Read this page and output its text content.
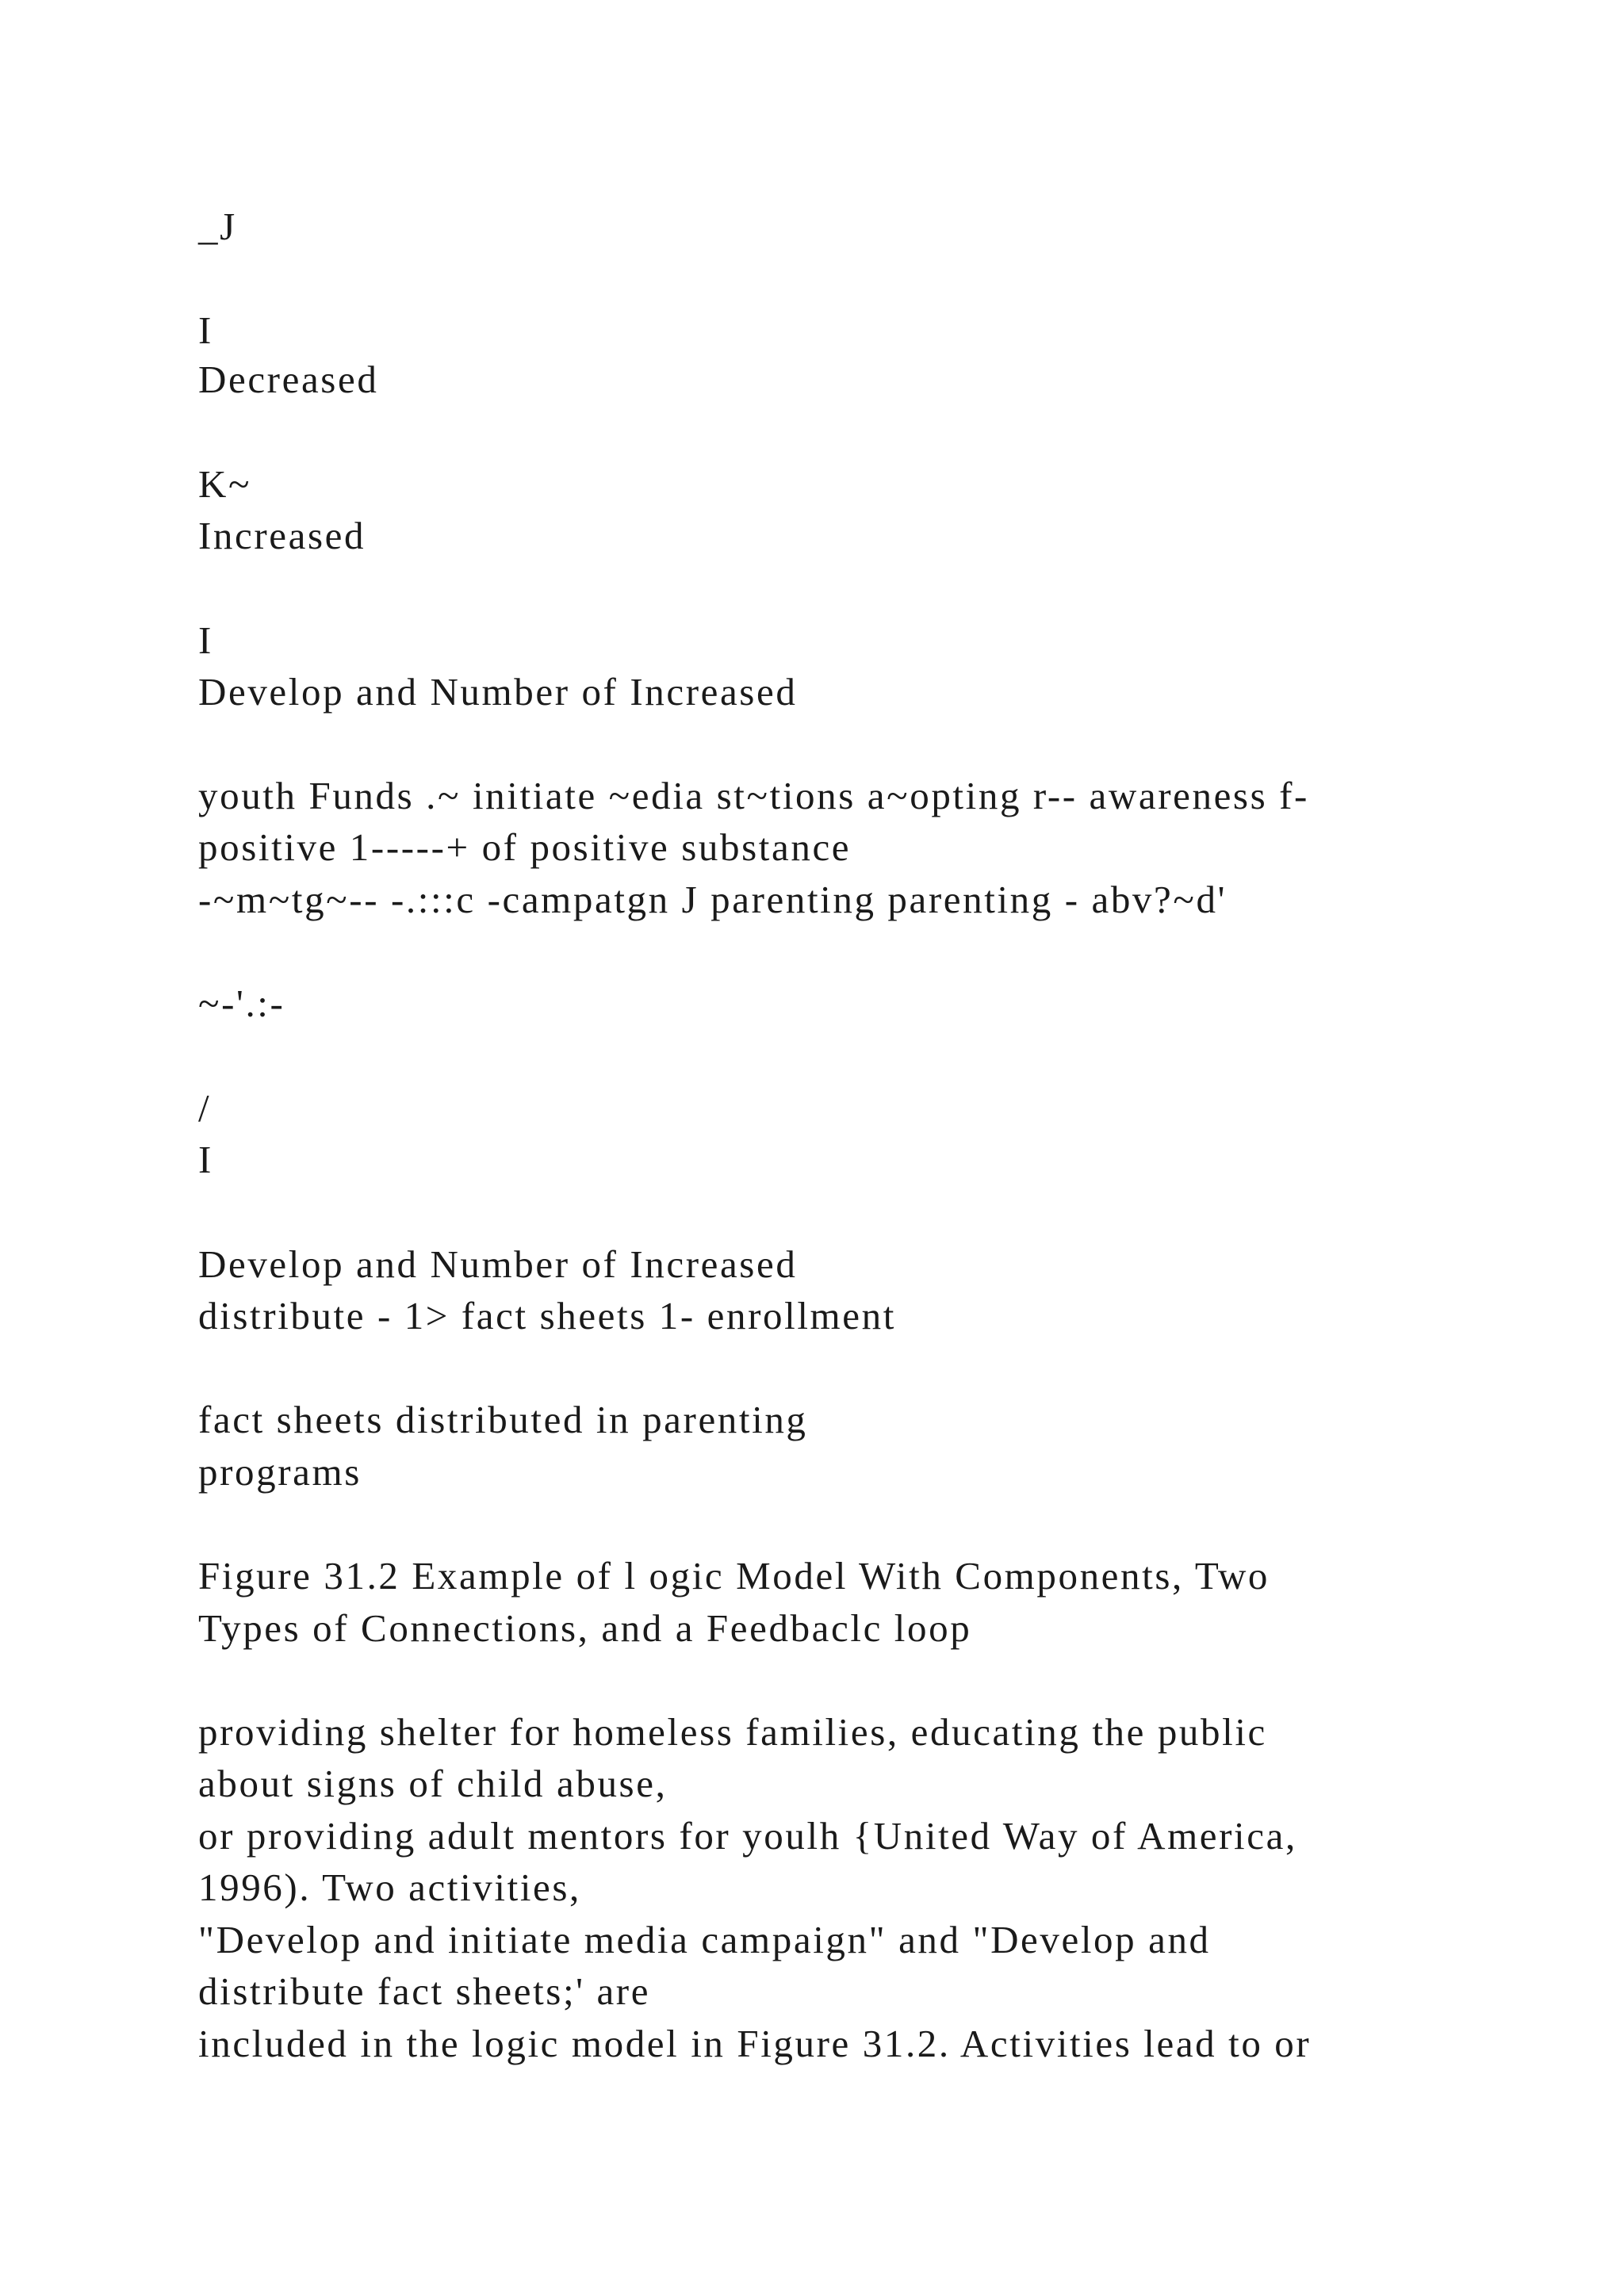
_J

I

Decreased

K~

Increased

I

Develop and Number of Increased

youth Funds .~ initiate ~edia st~tions a~opting r-- awareness f-

positive 1-----+ of positive substance

-~m~tg~-- -.:::c -campatgn J parenting parenting - abv?~d'

~-'.:-

/

I

Develop and Number of Increased

distribute - 1> fact sheets 1- enrollment

fact sheets distributed in parenting

programs

Figure 31.2 Example of l ogic Model With Components, Two

Types of Connections, and a Feedbaclc loop

providing shelter for homeless families, educating the public

about signs of child abuse,

or providing adult mentors for youlh {United Way of America,

1996). Two activities,

"Develop and initiate media campaign" and "Develop and

distribute fact sheets;' are

included in the logic model in Figure 31.2. Activities lead to or
